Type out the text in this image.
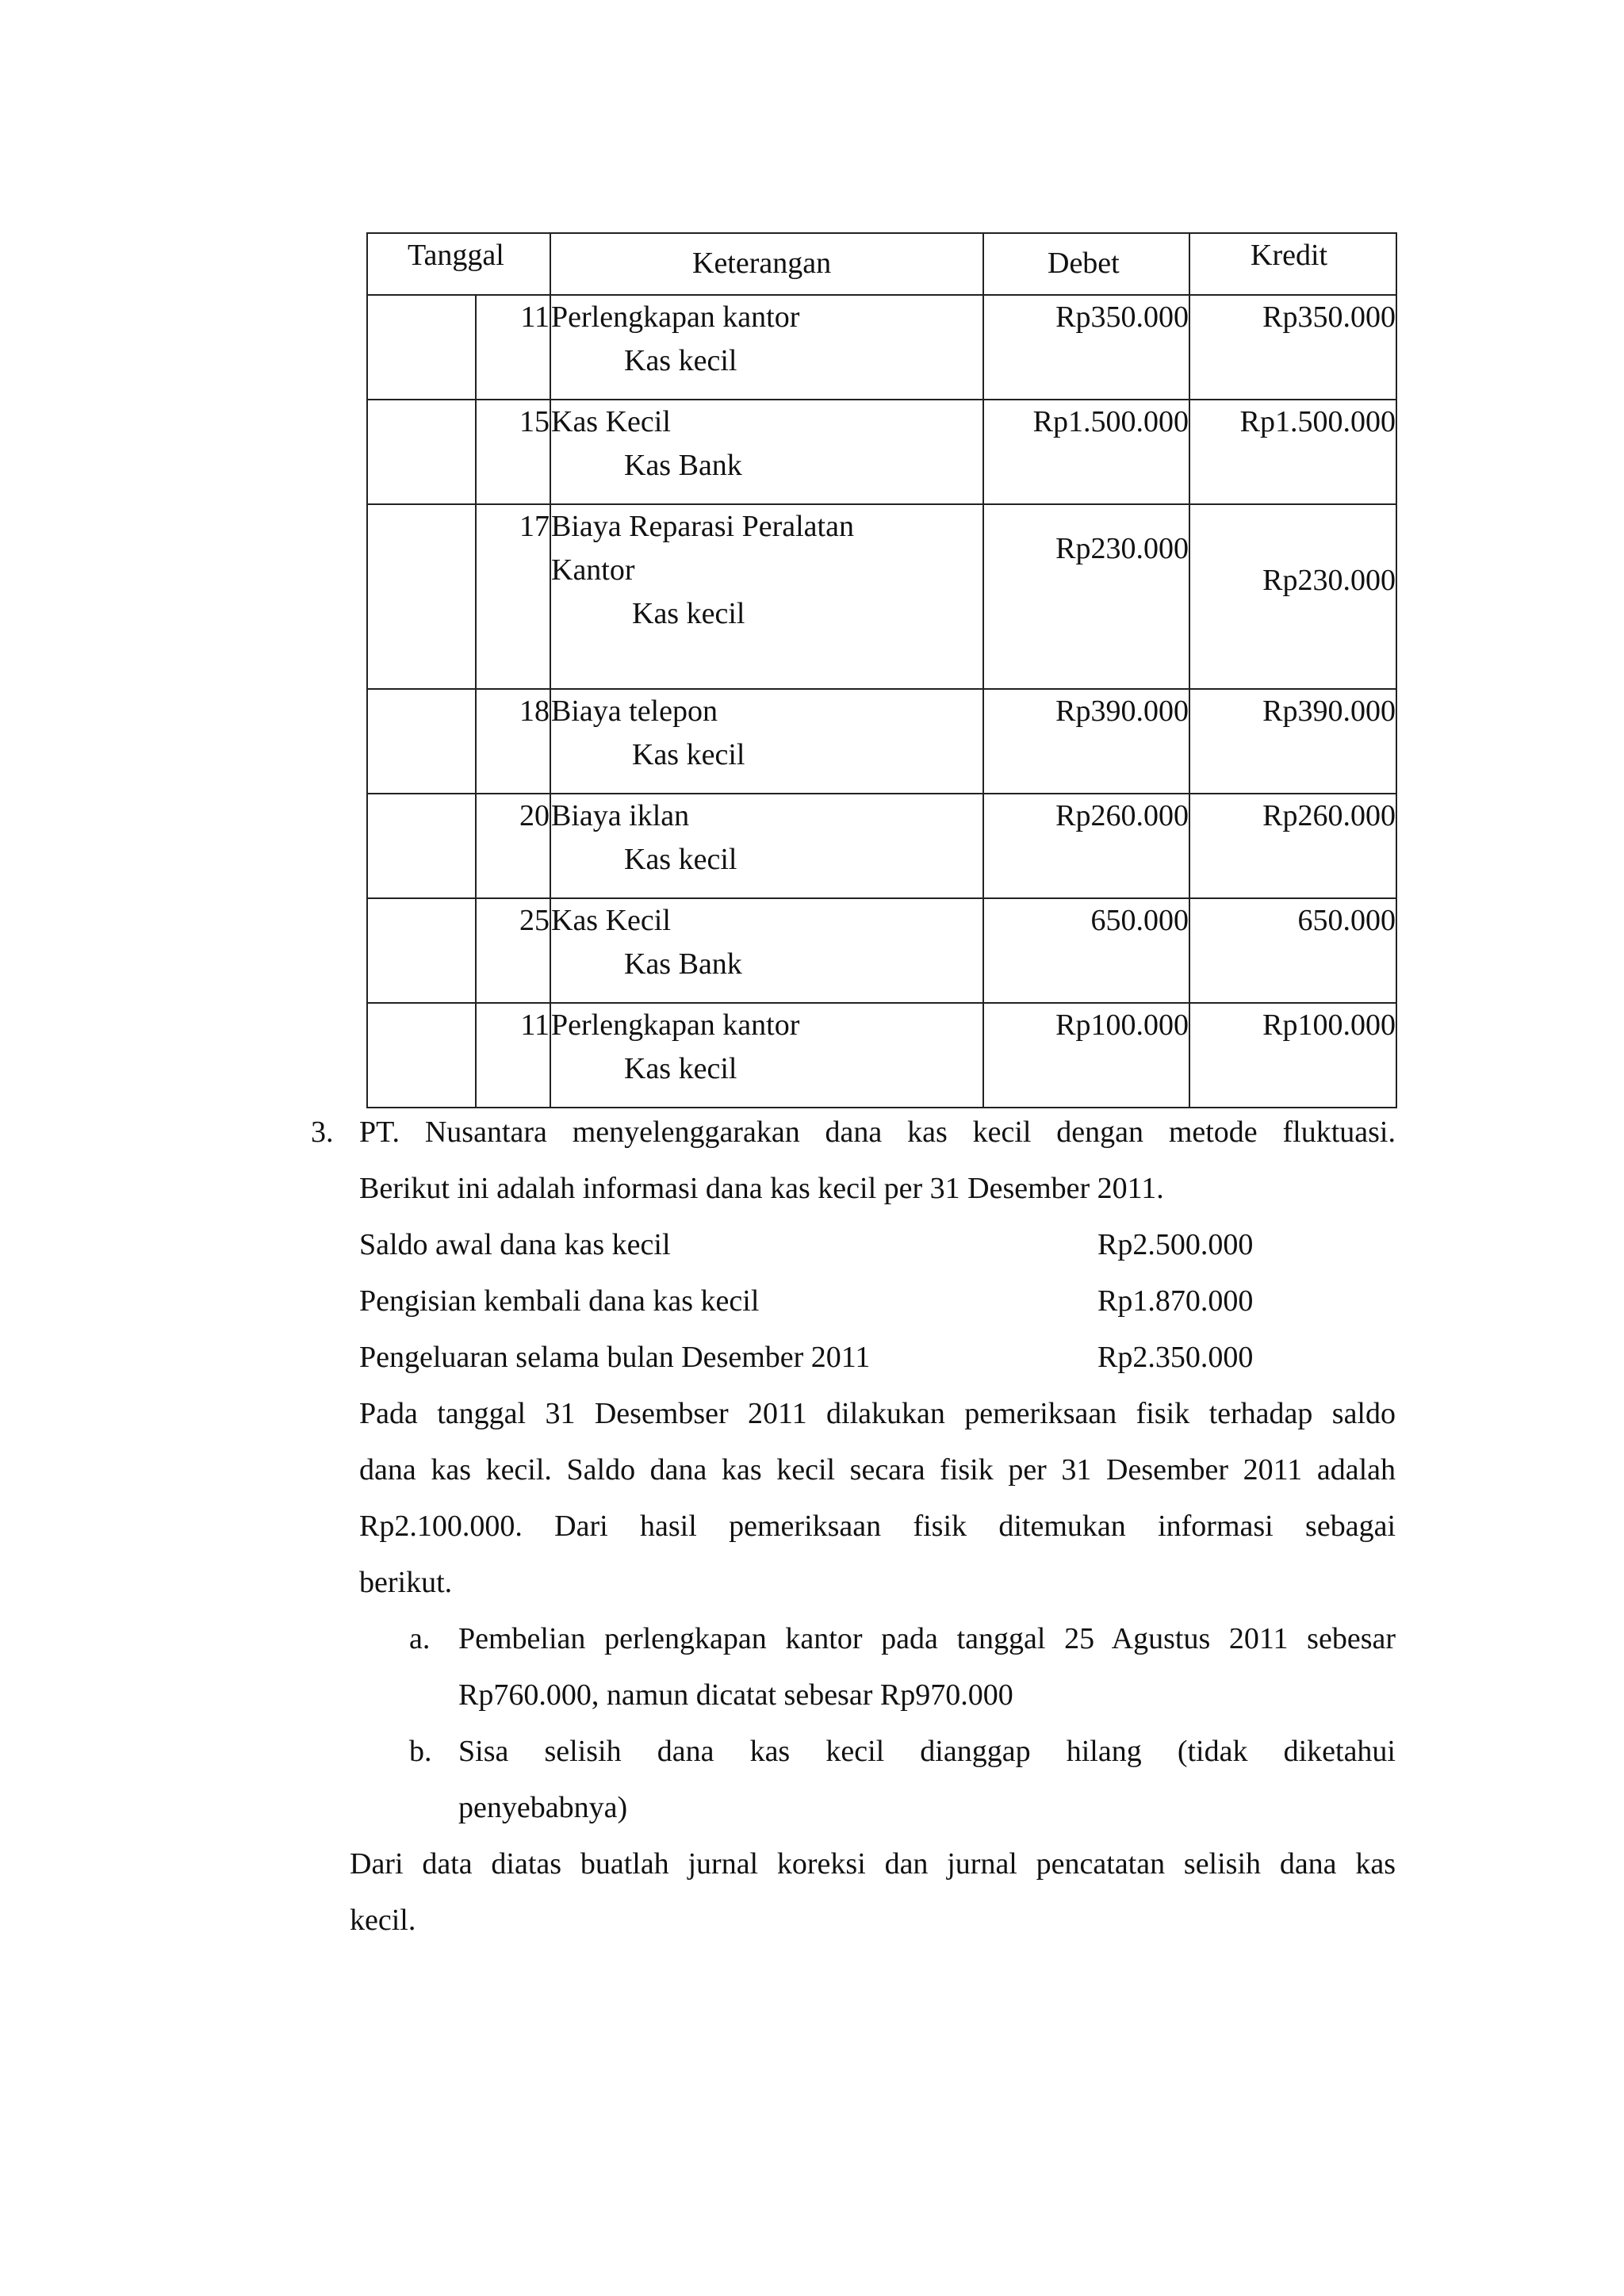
Tanggal		Keterangan	Debet	Kredit

	11	Perlengkapan kantor
Kas kecil	Rp350.000	Rp350.000
	15	Kas Kecil
Kas Bank	Rp1.500.000	Rp1.500.000
	17	Biaya Reparasi Peralatan
Kantor
Kas kecil	Rp230.000	Rp230.000
	18	Biaya telepon
Kas kecil	Rp390.000	Rp390.000
	20	Biaya iklan
Kas kecil	Rp260.000	Rp260.000
	25	Kas Kecil
Kas Bank	650.000	650.000
	11	Perlengkapan kantor
Kas kecil	Rp100.000	Rp100.000
3. PT. Nusantara menyelenggarakan dana kas kecil dengan metode fluktuasi.
Berikut ini adalah informasi dana kas kecil per 31 Desember 2011.
Saldo awal dana kas kecil	Rp2.500.000
Pengisian kembali dana kas kecil	Rp1.870.000
Pengeluaran selama bulan Desember 2011	Rp2.350.000
Pada tanggal 31 Desembser 2011 dilakukan pemeriksaan fisik terhadap saldo
dana kas kecil. Saldo dana kas kecil secara fisik per 31 Desember 2011 adalah
Rp2.100.000. Dari hasil pemeriksaan fisik ditemukan informasi sebagai
berikut.
a. Pembelian perlengkapan kantor pada tanggal 25 Agustus 2011 sebesar
Rp760.000, namun dicatat sebesar Rp970.000
b. Sisa selisih dana kas kecil dianggap hilang (tidak diketahui
penyebabnya)
Dari data diatas buatlah jurnal koreksi dan jurnal pencatatan selisih dana kas
kecil.
